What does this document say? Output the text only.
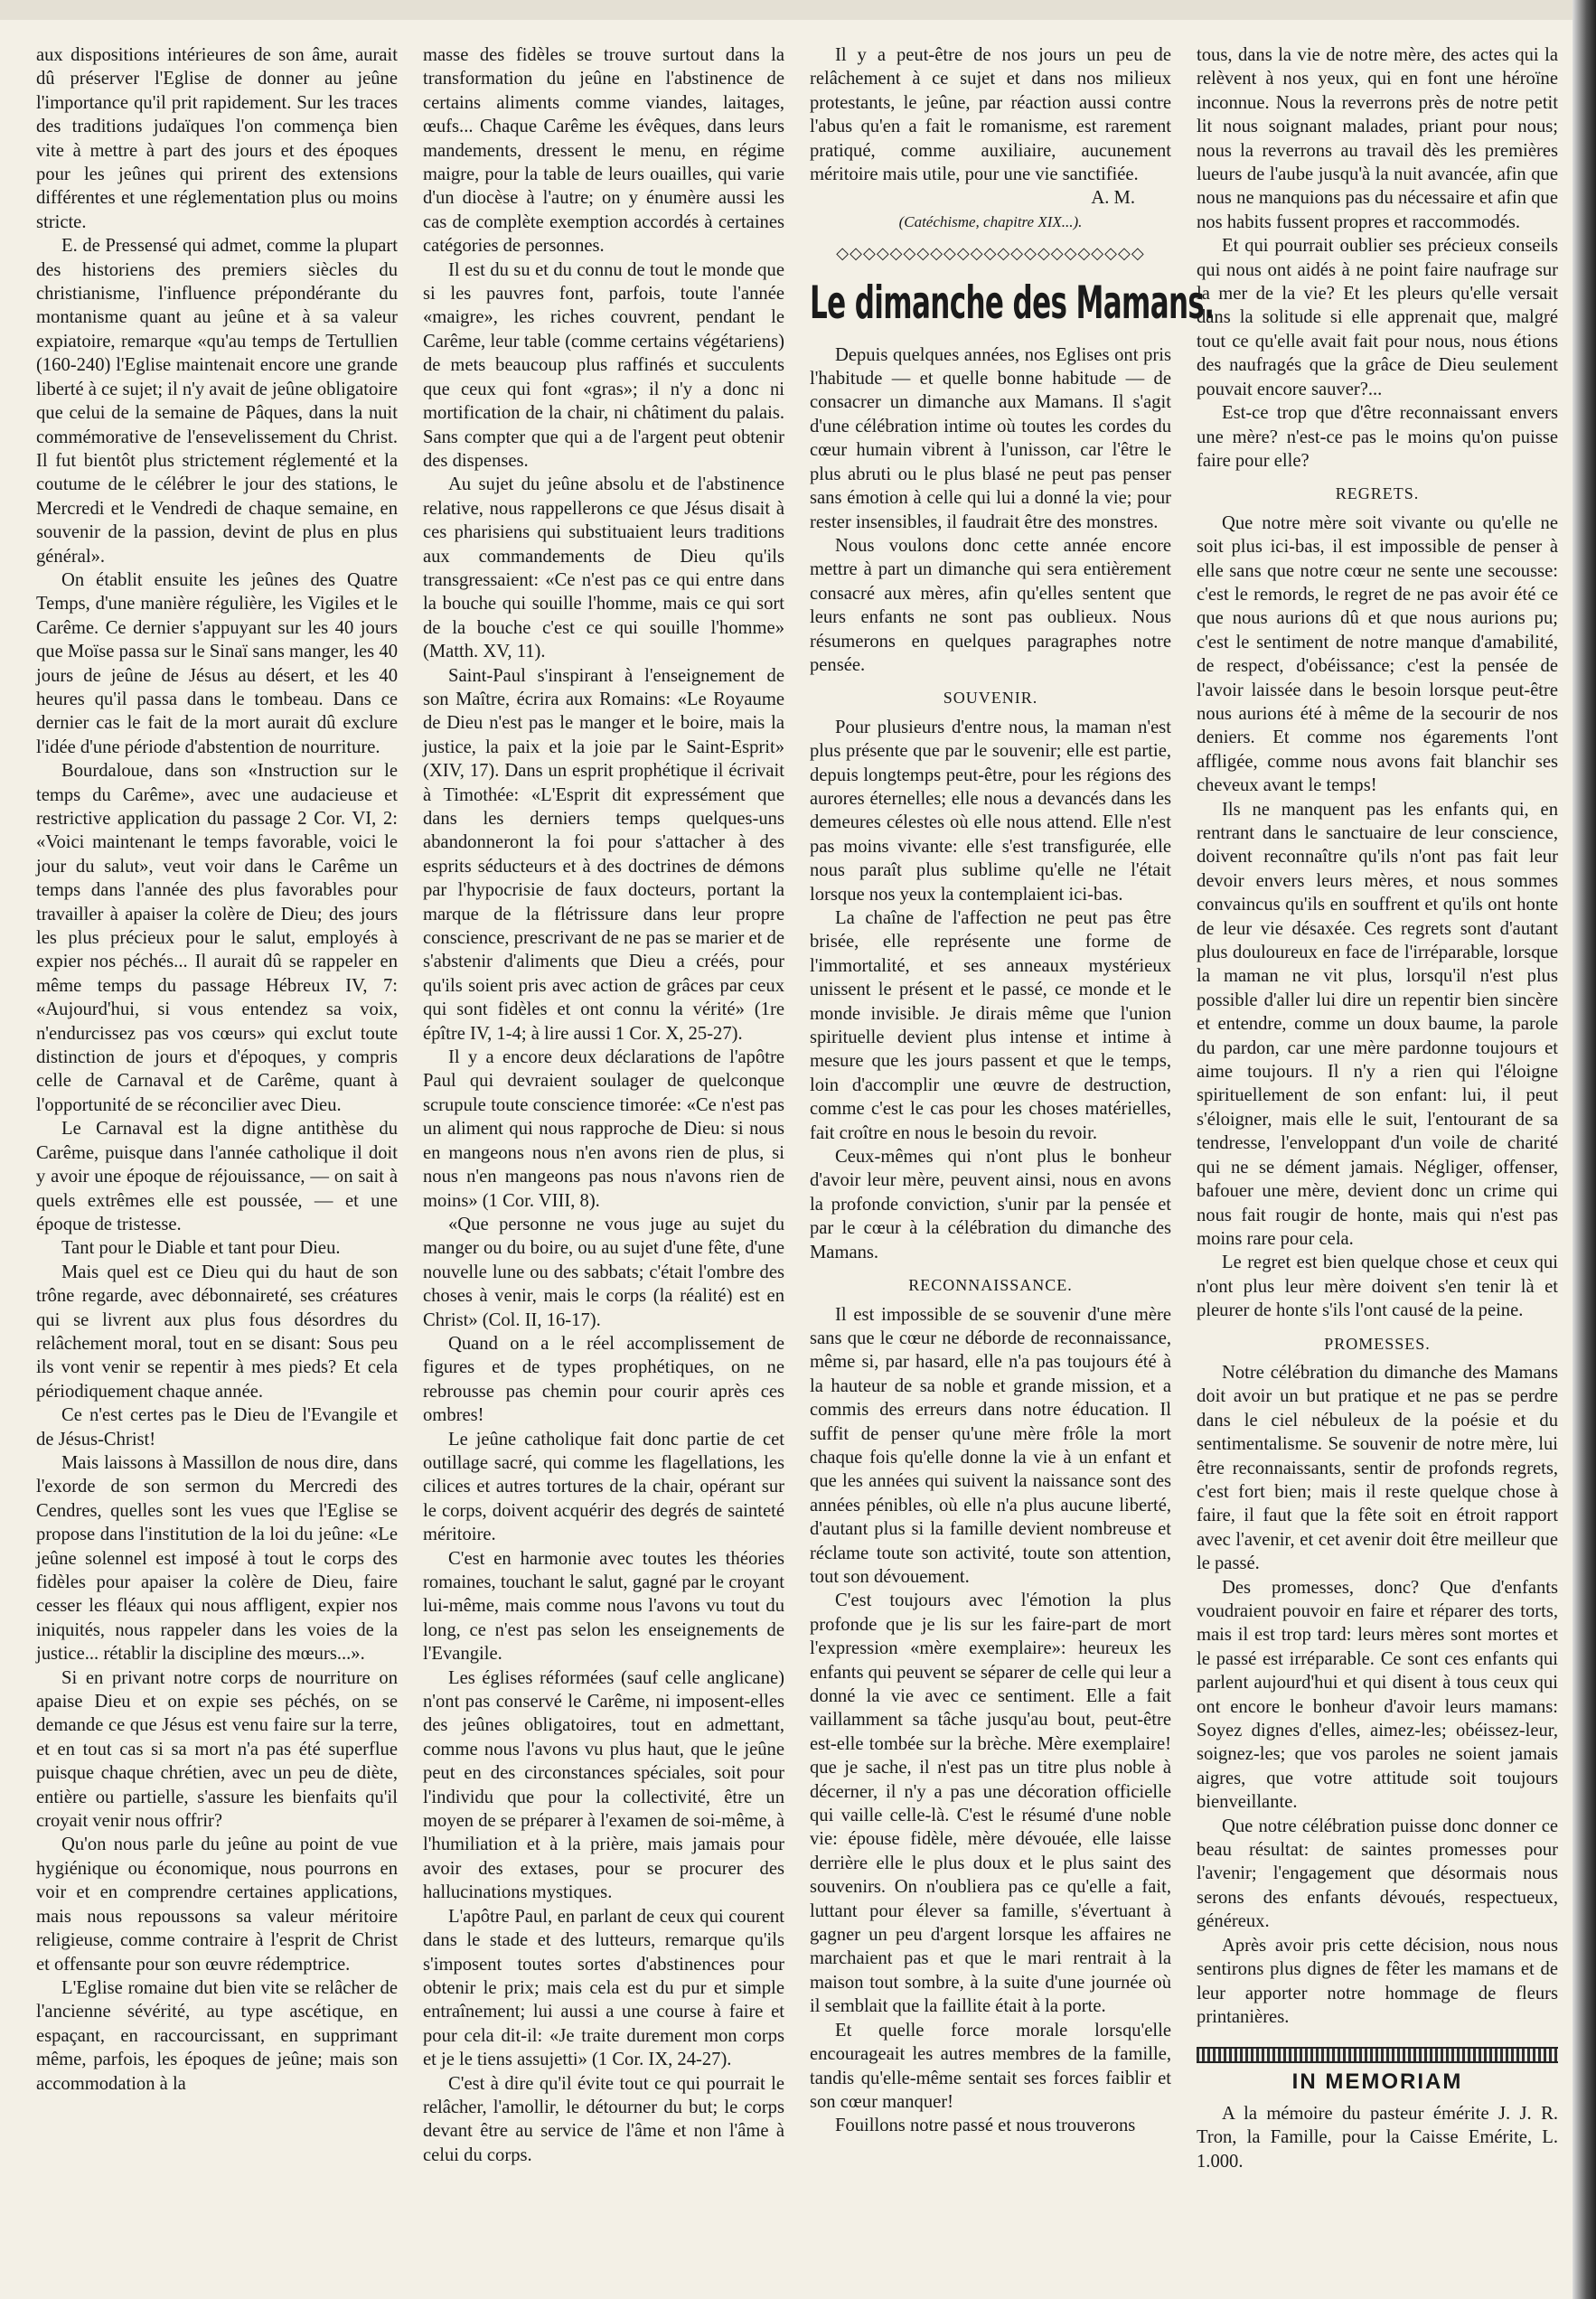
aux dispositions intérieures de son âme, aurait dû préserver l'Eglise de donner au jeûne l'importance qu'il prit rapidement. Sur les traces des traditions judaïques l'on commença bien vite à mettre à part des jours et des époques pour les jeûnes qui prirent des extensions différentes et une réglementation plus ou moins stricte.

E. de Pressensé qui admet, comme la plupart des historiens des premiers siècles du christianisme, l'influence prépondérante du montanisme quant au jeûne et à sa valeur expiatoire, remarque «qu'au temps de Tertullien (160-240) l'Eglise maintenait encore une grande liberté à ce sujet; il n'y avait de jeûne obligatoire que celui de la semaine de Pâques, dans la nuit commémorative de l'ensevelissement du Christ. Il fut bientôt plus strictement réglementé et la coutume de le célébrer le jour des stations, le Mercredi et le Vendredi de chaque semaine, en souvenir de la passion, devint de plus en plus général».

On établit ensuite les jeûnes des Quatre Temps, d'une manière régulière, les Vigiles et le Carême. Ce dernier s'appuyant sur les 40 jours que Moïse passa sur le Sinaï sans manger, les 40 jours de jeûne de Jésus au désert, et les 40 heures qu'il passa dans le tombeau. Dans ce dernier cas le fait de la mort aurait dû exclure l'idée d'une période d'abstention de nourriture.

Bourdaloue, dans son «Instruction sur le temps du Carême», avec une audacieuse et restrictive application du passage 2 Cor. VI, 2: «Voici maintenant le temps favorable, voici le jour du salut», veut voir dans le Carême un temps dans l'année des plus favorables pour travailler à apaiser la colère de Dieu; des jours les plus précieux pour le salut, employés à expier nos péchés... Il aurait dû se rappeler en même temps du passage Hébreux IV, 7: «Aujourd'hui, si vous entendez sa voix, n'endurcissez pas vos cœurs» qui exclut toute distinction de jours et d'époques, y compris celle de Carnaval et de Carême, quant à l'opportunité de se réconcilier avec Dieu.

Le Carnaval est la digne antithèse du Carême, puisque dans l'année catholique il doit y avoir une époque de réjouissance, — on sait à quels extrêmes elle est poussée, — et une époque de tristesse.

Tant pour le Diable et tant pour Dieu.

Mais quel est ce Dieu qui du haut de son trône regarde, avec débonnaireté, ses créatures qui se livrent aux plus fous désordres du relâchement moral, tout en se disant: Sous peu ils vont venir se repentir à mes pieds? Et cela périodiquement chaque année.

Ce n'est certes pas le Dieu de l'Evangile et de Jésus-Christ!

Mais laissons à Massillon de nous dire, dans l'exorde de son sermon du Mercredi des Cendres, quelles sont les vues que l'Eglise se propose dans l'institution de la loi du jeûne: «Le jeûne solennel est imposé à tout le corps des fidèles pour apaiser la colère de Dieu, faire cesser les fléaux qui nous affligent, expier nos iniquités, nous rappeler dans les voies de la justice... rétablir la discipline des mœurs...».

Si en privant notre corps de nourriture on apaise Dieu et on expie ses péchés, on se demande ce que Jésus est venu faire sur la terre, et en tout cas si sa mort n'a pas été superflue puisque chaque chrétien, avec un peu de diète, entière ou partielle, s'assure les bienfaits qu'il croyait venir nous offrir?

Qu'on nous parle du jeûne au point de vue hygiénique ou économique, nous pourrons en voir et en comprendre certaines applications, mais nous repoussons sa valeur méritoire religieuse, comme contraire à l'esprit de Christ et offensante pour son œuvre rédemptrice.

L'Eglise romaine dut bien vite se relâcher de l'ancienne sévérité, au type ascétique, en espaçant, en raccourcissant, en supprimant même, parfois, les époques de jeûne; mais son accommodation à la

masse des fidèles se trouve surtout dans la transformation du jeûne en l'abstinence de certains aliments comme viandes, laitages, œufs... Chaque Carême les évêques, dans leurs mandements, dressent le menu, en régime maigre, pour la table de leurs ouailles, qui varie d'un diocèse à l'autre; on y énumère aussi les cas de complète exemption accordés à certaines catégories de personnes.

Il est du su et du connu de tout le monde que si les pauvres font, parfois, toute l'année «maigre», les riches couvrent, pendant le Carême, leur table (comme certains végétariens) de mets beaucoup plus raffinés et succulents que ceux qui font «gras»; il n'y a donc ni mortification de la chair, ni châtiment du palais. Sans compter que qui a de l'argent peut obtenir des dispenses.

Au sujet du jeûne absolu et de l'abstinence relative, nous rappellerons ce que Jésus disait à ces pharisiens qui substituaient leurs traditions aux commandements de Dieu qu'ils transgressaient: «Ce n'est pas ce qui entre dans la bouche qui souille l'homme, mais ce qui sort de la bouche c'est ce qui souille l'homme» (Matth. XV, 11).

Saint-Paul s'inspirant à l'enseignement de son Maître, écrira aux Romains: «Le Royaume de Dieu n'est pas le manger et le boire, mais la justice, la paix et la joie par le Saint-Esprit» (XIV, 17). Dans un esprit prophétique il écrivait à Timothée: «L'Esprit dit expressément que dans les derniers temps quelques-uns abandonneront la foi pour s'attacher à des esprits séducteurs et à des doctrines de démons par l'hypocrisie de faux docteurs, portant la marque de la flétrissure dans leur propre conscience, prescrivant de ne pas se marier et de s'abstenir d'aliments que Dieu a créés, pour qu'ils soient pris avec action de grâces par ceux qui sont fidèles et ont connu la vérité» (1re épître IV, 1-4; à lire aussi 1 Cor. X, 25-27).

Il y a encore deux déclarations de l'apôtre Paul qui devraient soulager de quelconque scrupule toute conscience timorée: «Ce n'est pas un aliment qui nous rapproche de Dieu: si nous en mangeons nous n'en avons rien de plus, si nous n'en mangeons pas nous n'avons rien de moins» (1 Cor. VIII, 8).

«Que personne ne vous juge au sujet du manger ou du boire, ou au sujet d'une fête, d'une nouvelle lune ou des sabbats; c'était l'ombre des choses à venir, mais le corps (la réalité) est en Christ» (Col. II, 16-17).

Quand on a le réel accomplissement de figures et de types prophétiques, on ne rebrousse pas chemin pour courir après ces ombres!

Le jeûne catholique fait donc partie de cet outillage sacré, qui comme les flagellations, les cilices et autres tortures de la chair, opérant sur le corps, doivent acquérir des degrés de sainteté méritoire.

C'est en harmonie avec toutes les théories romaines, touchant le salut, gagné par le croyant lui-même, mais comme nous l'avons vu tout du long, ce n'est pas selon les enseignements de l'Evangile.

Les églises réformées (sauf celle anglicane) n'ont pas conservé le Carême, ni imposent-elles des jeûnes obligatoires, tout en admettant, comme nous l'avons vu plus haut, que le jeûne peut en des circonstances spéciales, soit pour l'individu que pour la collectivité, être un moyen de se préparer à l'examen de soi-même, à l'humiliation et à la prière, mais jamais pour avoir des extases, pour se procurer des hallucinations mystiques.

L'apôtre Paul, en parlant de ceux qui courent dans le stade et des lutteurs, remarque qu'ils s'imposent toutes sortes d'abstinences pour obtenir le prix; mais cela est du pur et simple entraînement; lui aussi a une course à faire et pour cela dit-il: «Je traite durement mon corps et je le tiens assujetti» (1 Cor. IX, 24-27).

C'est à dire qu'il évite tout ce qui pourrait le relâcher, l'amollir, le détourner du but; le corps devant être au service de l'âme et non l'âme à celui du corps.

Il y a peut-être de nos jours un peu de relâchement à ce sujet et dans nos milieux protestants, le jeûne, par réaction aussi contre l'abus qu'en a fait le romanisme, est rarement pratiqué, comme auxiliaire, aucunement méritoire mais utile, pour une vie sanctifiée.

A. M.

(Catéchisme, chapitre XIX...).

◇◇◇◇◇◇◇◇◇◇◇◇◇◇◇◇◇◇◇◇◇◇◇
Le dimanche des Mamans.

Depuis quelques années, nos Eglises ont pris l'habitude — et quelle bonne habitude — de consacrer un dimanche aux Mamans. Il s'agit d'une célébration intime où toutes les cordes du cœur humain vibrent à l'unisson, car l'être le plus abruti ou le plus blasé ne peut pas penser sans émotion à celle qui lui a donné la vie; pour rester insensibles, il faudrait être des monstres.

Nous voulons donc cette année encore mettre à part un dimanche qui sera entièrement consacré aux mères, afin qu'elles sentent que leurs enfants ne sont pas oublieux. Nous résumerons en quelques paragraphes notre pensée.

SOUVENIR.

Pour plusieurs d'entre nous, la maman n'est plus présente que par le souvenir; elle est partie, depuis longtemps peut-être, pour les régions des aurores éternelles; elle nous a devancés dans les demeures célestes où elle nous attend. Elle n'est pas moins vivante: elle s'est transfigurée, elle nous paraît plus sublime qu'elle ne l'était lorsque nos yeux la contemplaient ici-bas.

La chaîne de l'affection ne peut pas être brisée, elle représente une forme de l'immortalité, et ses anneaux mystérieux unissent le présent et le passé, ce monde et le monde invisible. Je dirais même que l'union spirituelle devient plus intense et intime à mesure que les jours passent et que le temps, loin d'accomplir une œuvre de destruction, comme c'est le cas pour les choses matérielles, fait croître en nous le besoin du revoir.

Ceux-mêmes qui n'ont plus le bonheur d'avoir leur mère, peuvent ainsi, nous en avons la profonde conviction, s'unir par la pensée et par le cœur à la célébration du dimanche des Mamans.

RECONNAISSANCE.

Il est impossible de se souvenir d'une mère sans que le cœur ne déborde de reconnaissance, même si, par hasard, elle n'a pas toujours été à la hauteur de sa noble et grande mission, et a commis des erreurs dans notre éducation. Il suffit de penser qu'une mère frôle la mort chaque fois qu'elle donne la vie à un enfant et que les années qui suivent la naissance sont des années pénibles, où elle n'a plus aucune liberté, d'autant plus si la famille devient nombreuse et réclame toute son activité, toute son attention, tout son dévouement.

C'est toujours avec l'émotion la plus profonde que je lis sur les faire-part de mort l'expression «mère exemplaire»: heureux les enfants qui peuvent se séparer de celle qui leur a donné la vie avec ce sentiment. Elle a fait vaillamment sa tâche jusqu'au bout, peut-être est-elle tombée sur la brèche. Mère exemplaire! que je sache, il n'est pas un titre plus noble à décerner, il n'y a pas une décoration officielle qui vaille celle-là. C'est le résumé d'une noble vie: épouse fidèle, mère dévouée, elle laisse derrière elle le plus doux et le plus saint des souvenirs. On n'oubliera pas ce qu'elle a fait, luttant pour élever sa famille, s'évertuant à gagner un peu d'argent lorsque les affaires ne marchaient pas et que le mari rentrait à la maison tout sombre, à la suite d'une journée où il semblait que la faillite était à la porte.

Et quelle force morale lorsqu'elle encourageait les autres membres de la famille, tandis qu'elle-même sentait ses forces faiblir et son cœur manquer!

Fouillons notre passé et nous trouverons

tous, dans la vie de notre mère, des actes qui la relèvent à nos yeux, qui en font une héroïne inconnue. Nous la reverrons près de notre petit lit nous soignant malades, priant pour nous; nous la reverrons au travail dès les premières lueurs de l'aube jusqu'à la nuit avancée, afin que nous ne manquions pas du nécessaire et afin que nos habits fussent propres et raccommodés.

Et qui pourrait oublier ses précieux conseils qui nous ont aidés à ne point faire naufrage sur la mer de la vie? Et les pleurs qu'elle versait dans la solitude si elle apprenait que, malgré tout ce qu'elle avait fait pour nous, nous étions des naufragés que la grâce de Dieu seulement pouvait encore sauver?...

Est-ce trop que d'être reconnaissant envers une mère? n'est-ce pas le moins qu'on puisse faire pour elle?

REGRETS.

Que notre mère soit vivante ou qu'elle ne soit plus ici-bas, il est impossible de penser à elle sans que notre cœur ne sente une secousse: c'est le remords, le regret de ne pas avoir été ce que nous aurions dû et que nous aurions pu; c'est le sentiment de notre manque d'amabilité, de respect, d'obéissance; c'est la pensée de l'avoir laissée dans le besoin lorsque peut-être nous aurions été à même de la secourir de nos deniers. Et comme nos égarements l'ont affligée, comme nous avons fait blanchir ses cheveux avant le temps!

Ils ne manquent pas les enfants qui, en rentrant dans le sanctuaire de leur conscience, doivent reconnaître qu'ils n'ont pas fait leur devoir envers leurs mères, et nous sommes convaincus qu'ils en souffrent et qu'ils ont honte de leur vie désaxée. Ces regrets sont d'autant plus douloureux en face de l'irréparable, lorsque la maman ne vit plus, lorsqu'il n'est plus possible d'aller lui dire un repentir bien sincère et entendre, comme un doux baume, la parole du pardon, car une mère pardonne toujours et aime toujours. Il n'y a rien qui l'éloigne spirituellement de son enfant: lui, il peut s'éloigner, mais elle le suit, l'entourant de sa tendresse, l'enveloppant d'un voile de charité qui ne se dément jamais. Négliger, offenser, bafouer une mère, devient donc un crime qui nous fait rougir de honte, mais qui n'est pas moins rare pour cela.

Le regret est bien quelque chose et ceux qui n'ont plus leur mère doivent s'en tenir là et pleurer de honte s'ils l'ont causé de la peine.

PROMESSES.

Notre célébration du dimanche des Mamans doit avoir un but pratique et ne pas se perdre dans le ciel nébuleux de la poésie et du sentimentalisme. Se souvenir de notre mère, lui être reconnaissants, sentir de profonds regrets, c'est fort bien; mais il reste quelque chose à faire, il faut que la fête soit en étroit rapport avec l'avenir, et cet avenir doit être meilleur que le passé.

Des promesses, donc? Que d'enfants voudraient pouvoir en faire et réparer des torts, mais il est trop tard: leurs mères sont mortes et le passé est irréparable. Ce sont ces enfants qui parlent aujourd'hui et qui disent à tous ceux qui ont encore le bonheur d'avoir leurs mamans: Soyez dignes d'elles, aimez-les; obéissez-leur, soignez-les; que vos paroles ne soient jamais aigres, que votre attitude soit toujours bienveillante.

Que notre célébration puisse donc donner ce beau résultat: de saintes promesses pour l'avenir; l'engagement que désormais nous serons des enfants dévoués, respectueux, généreux.

Après avoir pris cette décision, nous nous sentirons plus dignes de fêter les mamans et de leur apporter notre hommage de fleurs printanières.

IN MEMORIAM

A la mémoire du pasteur émérite J. J. R. Tron, la Famille, pour la Caisse Emérite, L. 1.000.
